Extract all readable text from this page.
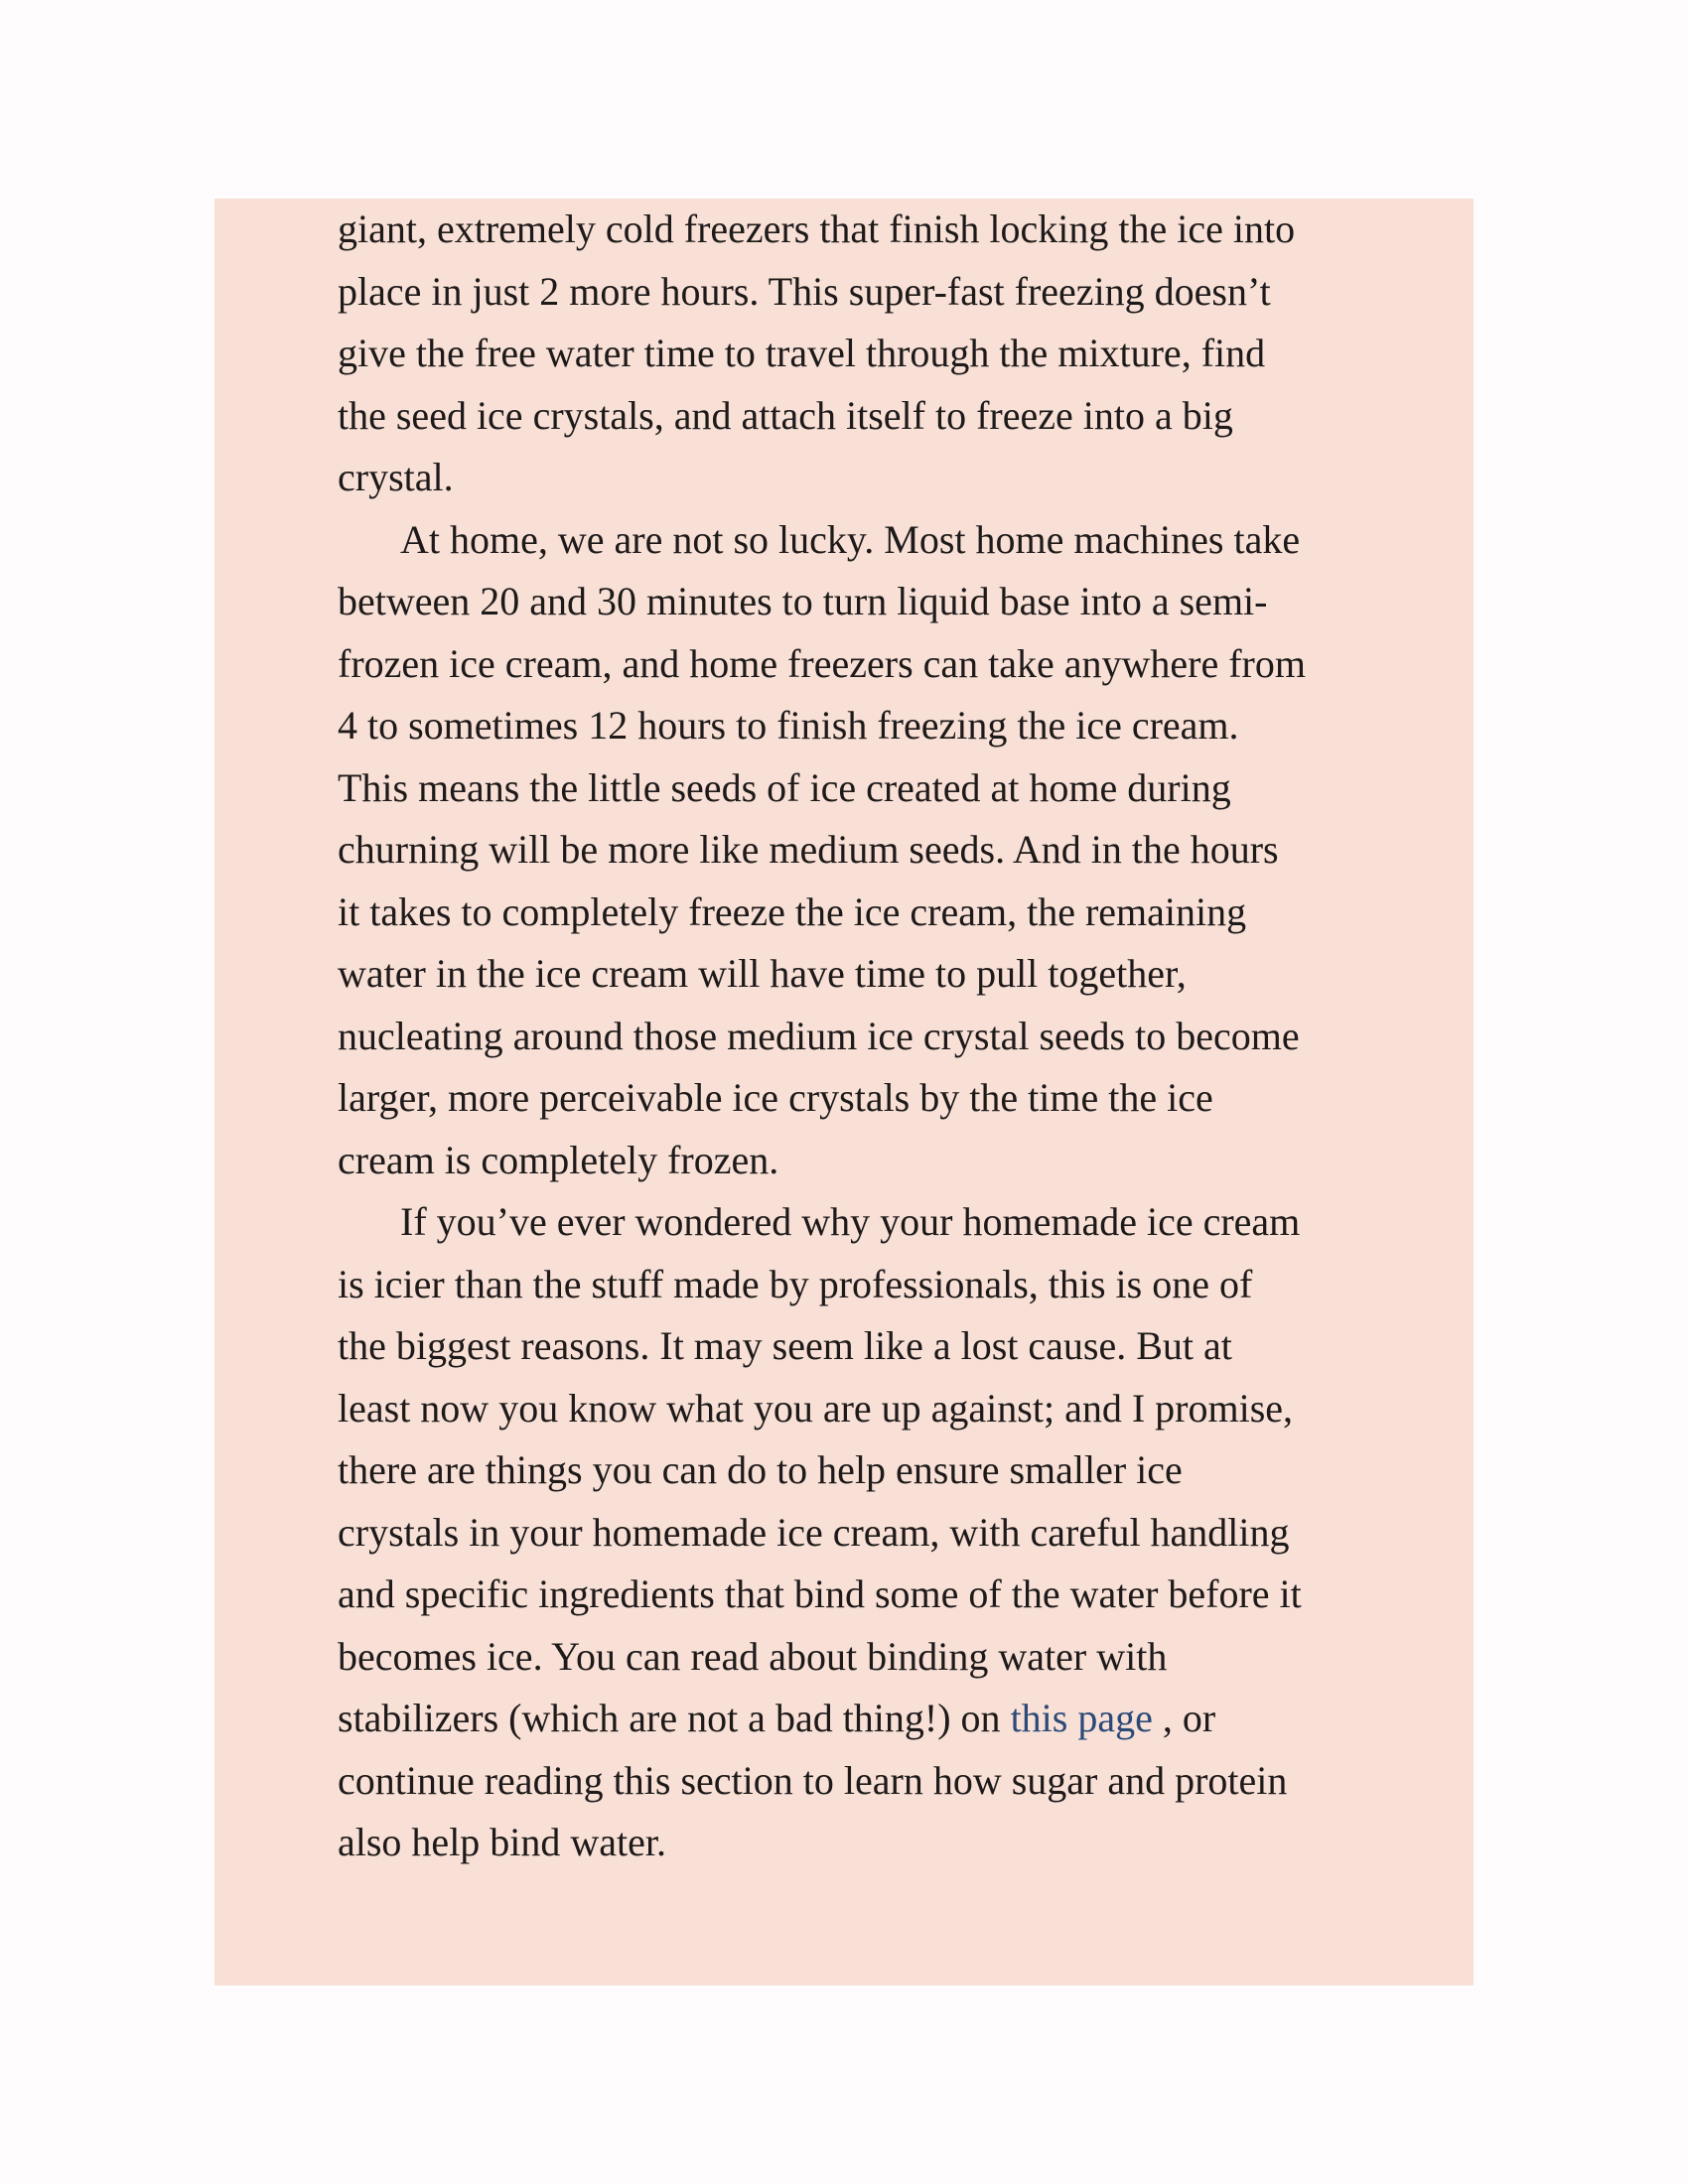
giant, extremely cold freezers that finish locking the ice into
place in just 2 more hours. This super-fast freezing doesn’t
give the free water time to travel through the mixture, find
the seed ice crystals, and attach itself to freeze into a big
crystal.
At home, we are not so lucky. Most home machines take
between 20 and 30 minutes to turn liquid base into a semi-
frozen ice cream, and home freezers can take anywhere from
4 to sometimes 12 hours to finish freezing the ice cream.
This means the little seeds of ice created at home during
churning will be more like medium seeds. And in the hours
it takes to completely freeze the ice cream, the remaining
water in the ice cream will have time to pull together,
nucleating around those medium ice crystal seeds to become
larger, more perceivable ice crystals by the time the ice
cream is completely frozen.
If you’ve ever wondered why your homemade ice cream
is icier than the stuff made by professionals, this is one of
the biggest reasons. It may seem like a lost cause. But at
least now you know what you are up against; and I promise,
there are things you can do to help ensure smaller ice
crystals in your homemade ice cream, with careful handling
and specific ingredients that bind some of the water before it
becomes ice. You can read about binding water with
stabilizers (which are not a bad thing!) on this page , or
continue reading this section to learn how sugar and protein
also help bind water.
